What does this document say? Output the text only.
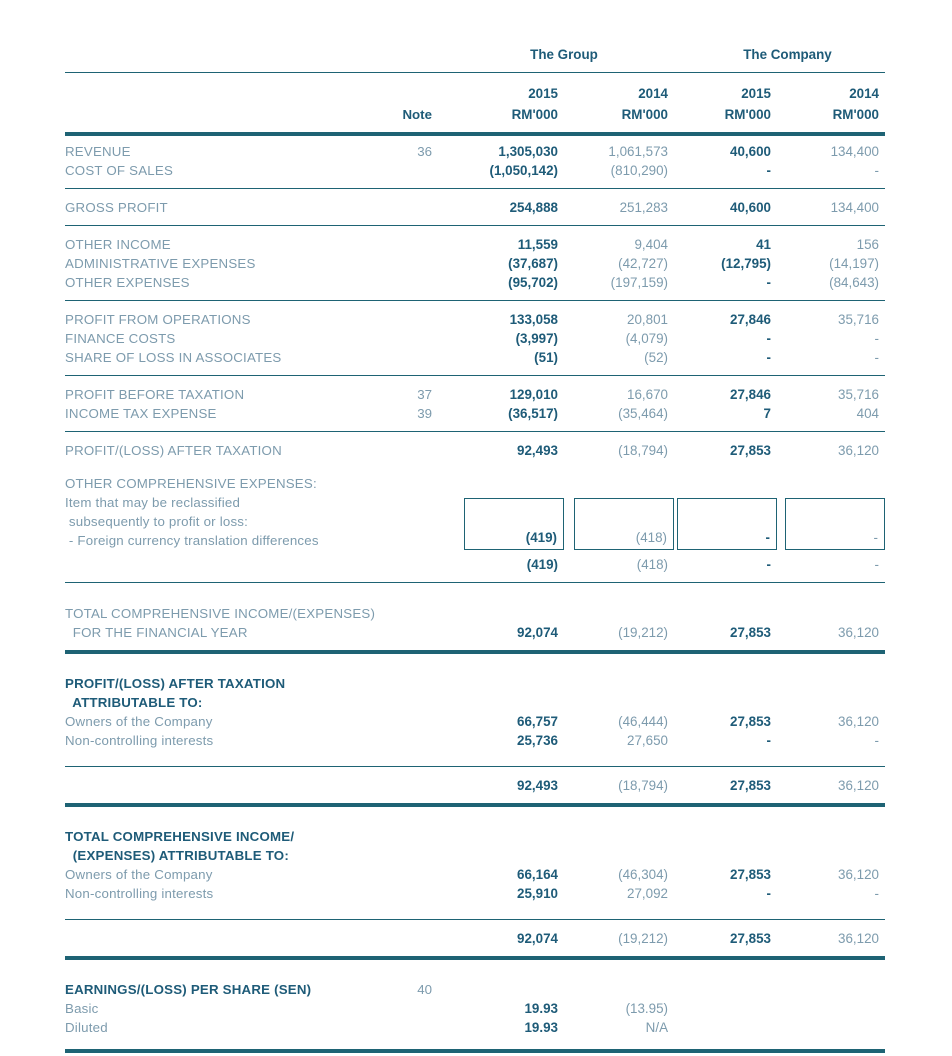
The Group	The Company
2015	2014	2015	2014
Note	RM'000	RM'000	RM'000	RM'000
REVENUE	36	1,305,030	1,061,573	40,600	134,400
COST OF SALES	(1,050,142)	(810,290)	-	-
GROSS PROFIT	254,888	251,283	40,600	134,400
OTHER INCOME	11,559	9,404	41	156
ADMINISTRATIVE EXPENSES	(37,687)	(42,727)	(12,795)	(14,197)
OTHER EXPENSES	(95,702)	(197,159)	-	(84,643)
PROFIT FROM OPERATIONS	133,058	20,801	27,846	35,716
FINANCE COSTS	(3,997)	(4,079)	-	-
SHARE OF LOSS IN ASSOCIATES	(51)	(52)	-	-
PROFIT BEFORE TAXATION	37	129,010	16,670	27,846	35,716
INCOME TAX EXPENSE	39	(36,517)	(35,464)	7	404
PROFIT/(LOSS) AFTER TAXATION	92,493	(18,794)	27,853	36,120
OTHER COMPREHENSIVE EXPENSES:
Item that may be reclassified
subsequently to profit or loss:
- Foreign currency translation differences	(419)	(418)	-	-
(419)	(418)	-	-
TOTAL COMPREHENSIVE INCOME/(EXPENSES)
FOR THE FINANCIAL YEAR	92,074	(19,212)	27,853	36,120
PROFIT/(LOSS) AFTER TAXATION
ATTRIBUTABLE TO:
Owners of the Company	66,757	(46,444)	27,853	36,120
Non-controlling interests	25,736	27,650	-	-
92,493	(18,794)	27,853	36,120
TOTAL COMPREHENSIVE INCOME/
(EXPENSES) ATTRIBUTABLE TO:
Owners of the Company	66,164	(46,304)	27,853	36,120
Non-controlling interests	25,910	27,092	-	-
92,074	(19,212)	27,853	36,120
EARNINGS/(LOSS) PER SHARE (SEN)	40
Basic	19.93	(13.95)
Diluted	19.93	N/A
